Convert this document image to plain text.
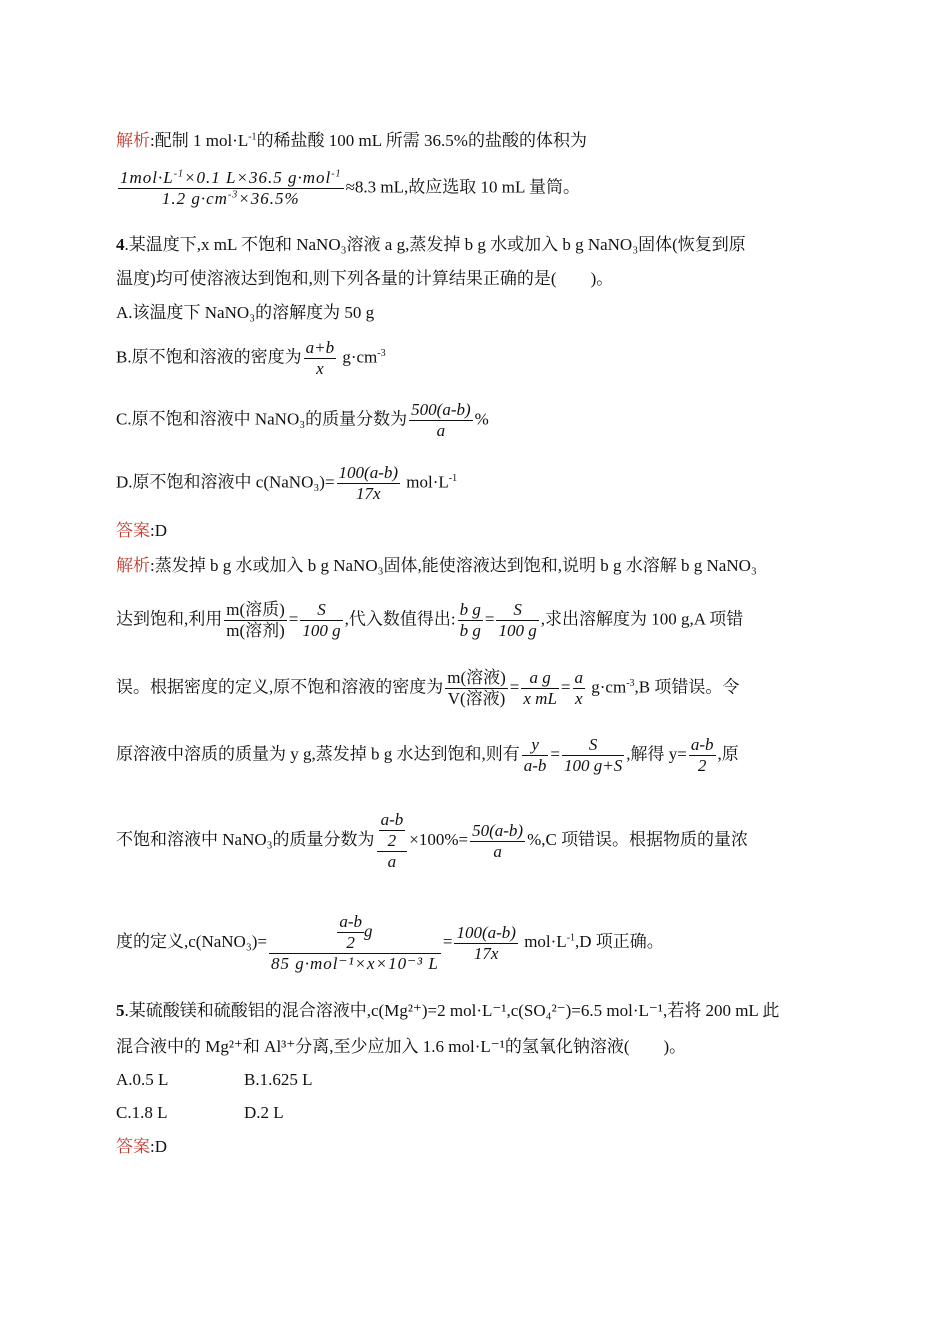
解析:配制 1 $mol\cdot L^{-1}$的稀盐酸 100 mL 所需 36.5%的盐酸的体积为
$1mol\cdot L^{-1}\times 0.1$ L×36.5 g·mol$^{-1}$
1.2 $g\cdot cm^{-3}\times 36.5\%$
≈8.3 mL,故应选取 10 mL 量筒。
4.某温度下,x mL 不饱和 NaNO₃溶液 a g,蒸发掉 b g 水或加入 b g NaNO₃固体(恢复到原
温度)均可使溶液达到饱和,则下列各量的计算结果正确的是(　　)。
A.该温度下 NaNO₃的溶解度为 50 g
B.原不饱和溶液的密度为 $\frac{a+b}{x} g\cdot cm^{-3}$
C.原不饱和溶液中 NaNO₃的质量分数为 $\frac{500(a-b)}{a}$ %
D.原不饱和溶液中 c(NaNO₃)= $\frac{100(a-b)}{17x} mol\cdot L^{-1}$
答案:D
解析:蒸发掉 b g 水或加入 b g NaNO₃固体,能使溶液达到饱和,说明 b g 水溶解 b g NaNO₃
达到饱和,利用 m(溶质)
m(溶剂)
= $\frac{S}{100 g}$ ,代入数值得出: $\frac{\text{b g}}{\text{b g}} = \frac{S}{100 g}$ ,求出溶解度为 100 g,A 项错
误。根据密度的定义,原不饱和溶液的密度为 m(溶液)
V(溶液)
= $\frac{\text{a g}}{\text{x mL}} = \frac{a}{x} g\cdot cm^{-3},B$ 项错误。令
原溶液中溶质的质量为 y g,蒸发掉 b g 水达到饱和,则有 $\frac{y}{a-b} = \frac{S}{100 g+S}$ ,解得 $y= \frac{a-b}{2}$ ,原
不饱和溶液中 NaNO₃的质量分数为 $\frac{\frac{a-b}{2}}{a} \times 100\%= \frac{50(a-b)}{a} \%,C$ 项错误。根据物质的量浓
度的定义,c(NaNO₃)=	$\frac{a-b}{2}$ g
85 g·mol⁻¹×x×10⁻³ L
= $\frac{100(a-b)}{17x} mol\cdot L^{-1},D$ 项正确。
5.某硫酸镁和硫酸铝的混合溶液中,c(Mg²⁺)=2 mol·L⁻¹,c(SO₄²⁻)=6.5 mol·L⁻¹,若将 200 mL 此
混合液中的 Mg²⁺和 Al³⁺分离,至少应加入 1.6 mol·L⁻¹的氢氧化钠溶液(　　)。
A.0.5 L	B.1.625 L
C.1.8 L	D.2 L
答案:D
